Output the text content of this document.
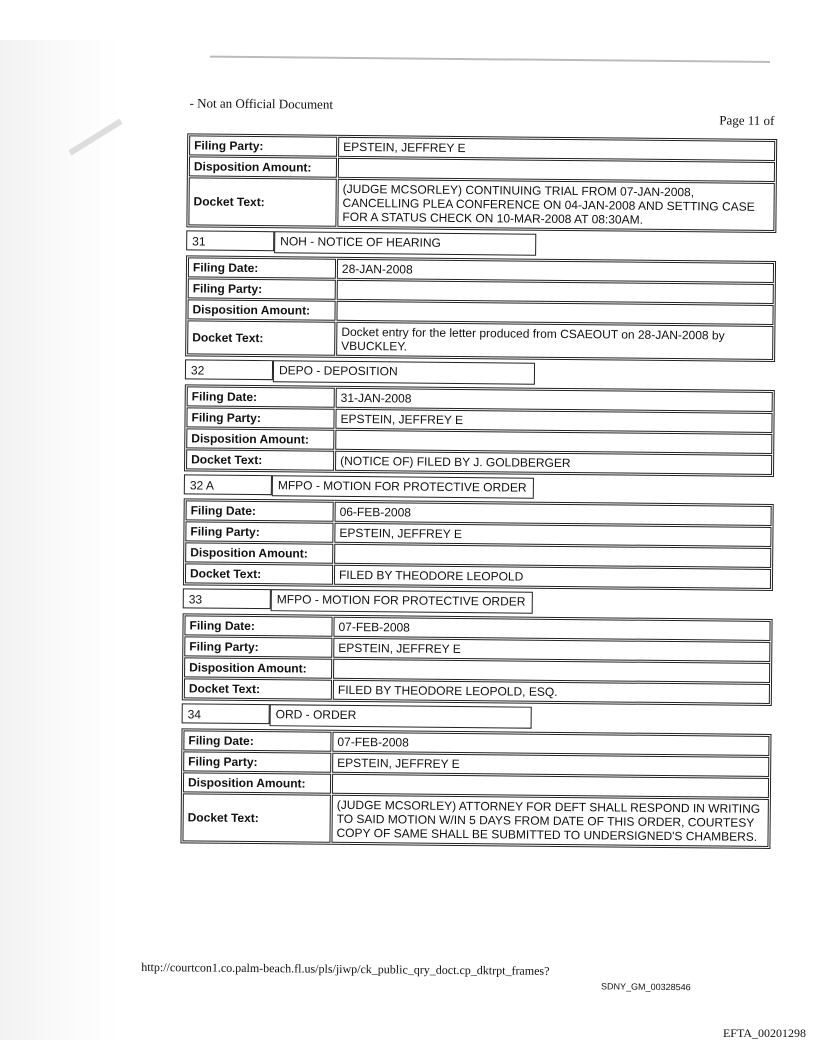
- Not an Official Document
Page 11 of
Filing Party:	EPSTEIN, JEFFREY E
Disposition Amount:	
Docket Text:	(JUDGE MCSORLEY) CONTINUING TRIAL FROM 07-JAN-2008, CANCELLING PLEA CONFERENCE ON 04-JAN-2008 AND SETTING CASE FOR A STATUS CHECK ON 10-MAR-2008 AT 08:30AM.
31	NOH - NOTICE OF HEARING
Filing Date:	28-JAN-2008
Filing Party:	
Disposition Amount:	
Docket Text:	Docket entry for the letter produced from CSAEOUT on 28-JAN-2008 by VBUCKLEY.
32	DEPO - DEPOSITION
Filing Date:	31-JAN-2008
Filing Party:	EPSTEIN, JEFFREY E
Disposition Amount:	
Docket Text:	(NOTICE OF) FILED BY J. GOLDBERGER
32 A	MFPO - MOTION FOR PROTECTIVE ORDER
Filing Date:	06-FEB-2008
Filing Party:	EPSTEIN, JEFFREY E
Disposition Amount:	
Docket Text:	FILED BY THEODORE LEOPOLD
33	MFPO - MOTION FOR PROTECTIVE ORDER
Filing Date:	07-FEB-2008
Filing Party:	EPSTEIN, JEFFREY E
Disposition Amount:	
Docket Text:	FILED BY THEODORE LEOPOLD, ESQ.
34	ORD - ORDER
Filing Date:	07-FEB-2008
Filing Party:	EPSTEIN, JEFFREY E
Disposition Amount:	
Docket Text:	(JUDGE MCSORLEY) ATTORNEY FOR DEFT SHALL RESPOND IN WRITING TO SAID MOTION W/IN 5 DAYS FROM DATE OF THIS ORDER, COURTESY COPY OF SAME SHALL BE SUBMITTED TO UNDERSIGNED'S CHAMBERS.
http://courtcon1.co.palm-beach.fl.us/pls/jiwp/ck_public_qry_doct.cp_dktrpt_frames?
SDNY_GM_00328546
EFTA_00201298
